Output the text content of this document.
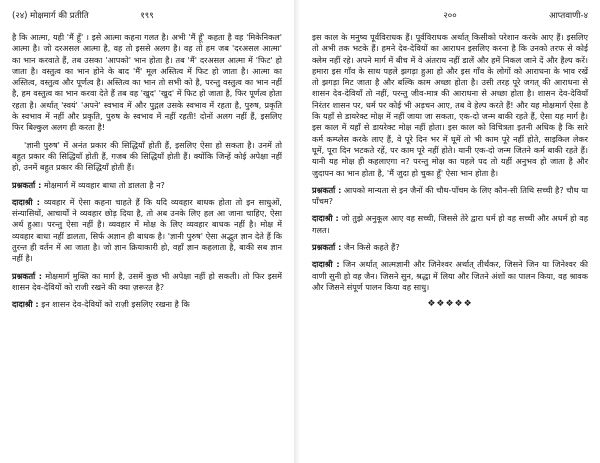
(२४) मोक्षमार्ग की प्रतीति	१९९

है कि आत्मा, यही 'मैं हूँ' । इसे आत्मा कहना गलत है। अभी 'मैं हूँ' कहता है वह 'मिकेनिकल' आत्मा है। जो दरअसल आत्मा है, वह तो इससे अलग है। वह तो हम जब 'दरअसल आत्मा' का भान करवाते हैं, तब उसका 'आपको' भान होता है। तब 'मैं' दरअसल आत्मा में 'फिट' हो जाता है। वस्तुत्व का भान होने के बाद 'मैं' मूल अस्तित्व में फिट हो जाता है। आत्मा का अस्तित्व, वस्तुत्व और पूर्णत्व है। अस्तित्व का भान तो सभी को है, परन्तु वस्तुत्व का भान नहीं है, हम वस्तुत्व का भान करवा देते हैं तब वह 'खुद' 'खुद' में फिट हो जाता है, फिर पूर्णत्व होता रहता है। अर्थात् 'स्वयं' 'अपने' स्वभाव में और पुद्गल उसके स्वभाव में रहता है, पुरुष, प्रकृति के स्वभाव में नहीं और प्रकृति, पुरुष के स्वभाव में नहीं रहती! दोनों अलग नहीं हैं, इसलिए फिर बिल्कुल अलग ही करता है!

'ज्ञानी पुरुष' में अनंत प्रकार की सिद्धियाँ होती हैं, इसलिए ऐसा हो सकता है। उनमें तो बहुत प्रकार की सिद्धियाँ होती हैं, गजब की सिद्धियाँ होती हैं। क्योंकि जिन्हें कोई अपेक्षा नहीं हो, उनमें बहुत प्रकार की सिद्धियाँ होती हैं।

प्रश्नकर्ता : मोक्षमार्ग में व्यवहार बाधा तो डालता है न?

दादाश्री : व्यवहार में ऐसा कहना चाहते हैं कि यदि व्यवहार बाधक होता तो इन साधुओं, संन्यासियों, आचार्यों ने व्यवहार छोड़ दिया है, तो अब उनके लिए हल आ जाना चाहिए, ऐसा अर्थ हुआ। परन्तु ऐसा नहीं है। व्यवहार में मोक्ष के लिए व्यवहार बाधक नहीं है। मोक्ष में व्यवहार बाधा नहीं डालता, सिर्फ अज्ञान ही बाधक है। 'ज्ञानी पुरुष' ऐसा अद्भुत ज्ञान देते हैं कि तुरन्त ही वर्तन में आ जाता है। जो ज्ञान क्रियाकारी हो, वहाँ ज्ञान कहलाता है, बाकी सब ज्ञान नहीं है।

प्रश्नकर्ता : मोक्षमार्ग मुक्ति का मार्ग है, उसमें कुछ भी अपेक्षा नहीं हो सकती। तो फिर इसमें शासन देव-देवियों को राजी रखने की क्या ज़रूरत है?

दादाश्री : इन शासन देव-देवियों को राज़ी इसलिए रखना है कि

२००	आप्तवाणी-४

इस काल के मनुष्य पूर्वविराधक हैं। पूर्वविराधक अर्थात् किसीको परेशान करके आए हैं। इसलिए तो अभी तक भटके हैं। हमने देव-देवियों का आराधन इसलिए करना है कि उनको तरफ से कोई क्लेम नहीं रहे। अपने मार्ग में बीच में वे अंतराय नहीं डालें और हमें निकल जाने दें और हैल्प करें। हमारा इस गाँव के साथ पहले झगड़ा हुआ हो और इस गाँव के लोगों को आराधना के भाव रखें तो झगड़ा मिट जाता है और बल्कि काम अच्छा होता है। उसी तरह पूरे जगत् की आराधना से शासन देव-देवियाँ तो नहीं, परन्तु जीव-मात्र की आराधना से अच्छा होता है। शासन देव-देवियाँ निरंतर शासन पर, धर्म पर कोई भी अड़चन आए, तब वे हेल्प करते हैं! और यह मोक्षमार्ग ऐसा है कि यहाँ से डायरेक्ट मोक्ष में नहीं जाया जा सकता, एक-दो जन्म बाकी रहते हैं, ऐसा यह मार्ग है। इस काल में यहाँ से डायरेक्ट मोक्ष नहीं होता। इस काल को विचित्रता इतनी अधिक है कि सारे कर्म कम्प्लेस करके लाए हैं, वे पूरे दिन भर में घूमें तो भी काम पूरे नहीं होते, साइकिल लेकर घूमें, पूरा दिन भटकते रहें, पर काम पूरे नहीं होते। यानी एक-दो जन्म जितने कर्म बाकी रहते हैं। यानी यह मोक्ष ही कहलाएगा न? परन्तु मोक्ष का पहले पद तो यहीं अनुभव हो जाता है और जुदापन का भान होता है, 'मैं जुदा हो चुका हूँ' ऐसा भान होता है।

प्रश्नकर्ता : आपको मान्यता से इन जैनों की चौथ-पाँचम के लिए कौन-सी तिथि सच्ची है? चौथ या पाँचम?

दादाश्री : जो तुझे अनुकूल आए वह सच्ची, जिससे तेरे द्वारा धर्म हो वह सच्ची और अधर्म हो वह गलत।

प्रश्नकर्ता : जैन किसे कहते हैं?

दादाश्री : जिन अर्थात् आत्मज्ञानी और जिनेश्वर अर्थात् तीर्थंकर, जिसने जिन या जिनेश्वर की वाणी सुनी हो वह जैन। जिसने सुन, श्रद्धा में लिया और जितने अंशों का पालन किया, वह श्रावक और जिसने संपूर्ण पालन किया वह साधु।

❖❖❖❖❖
